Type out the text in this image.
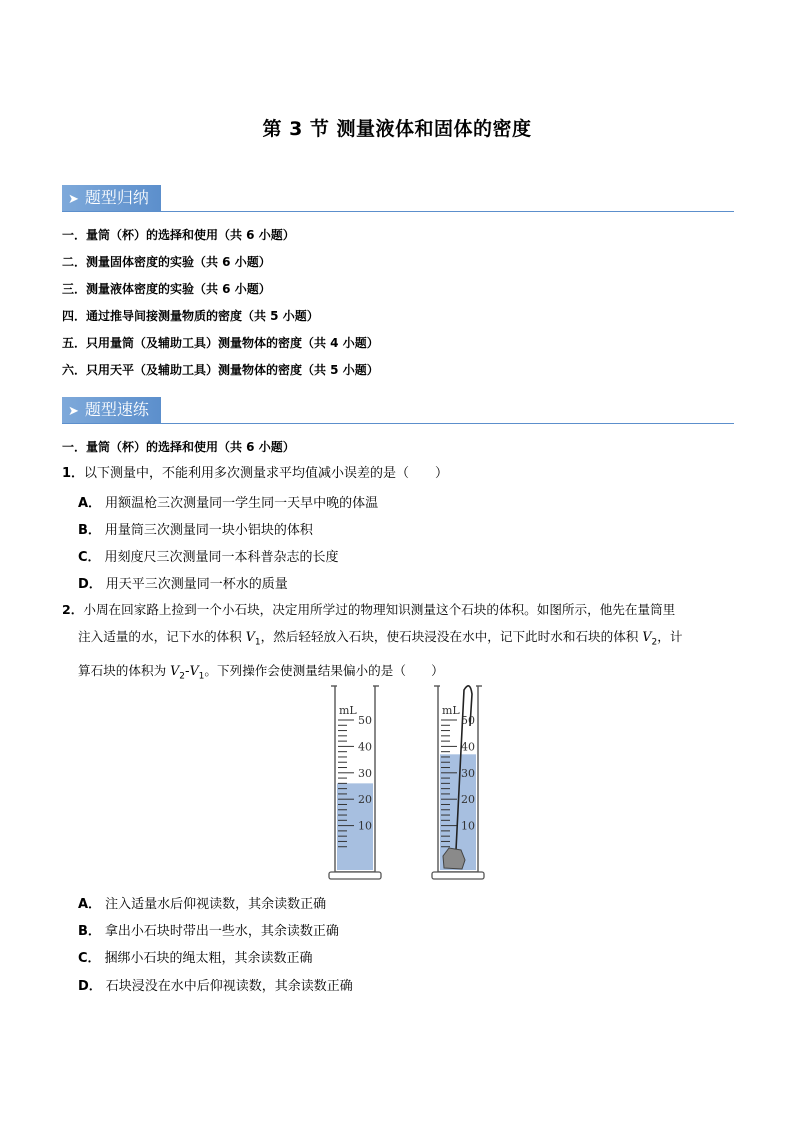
第 3 节 测量液体和固体的密度
➤ 题型归纳
一．量筒（杯）的选择和使用（共 6 小题）
二．测量固体密度的实验（共 6 小题）
三．测量液体密度的实验（共 6 小题）
四．通过推导间接测量物质的密度（共 5 小题）
五．只用量筒（及辅助工具）测量物体的密度（共 4 小题）
六．只用天平（及辅助工具）测量物体的密度（共 5 小题）
➤ 题型速练
一．量筒（杯）的选择和使用（共 6 小题）
1．以下测量中，不能利用多次测量求平均值减小误差的是（　　）
A． 用额温枪三次测量同一学生同一天早中晚的体温
B． 用量筒三次测量同一块小铝块的体积
C． 用刻度尺三次测量同一本科普杂志的长度
D． 用天平三次测量同一杯水的质量
2．小周在回家路上捡到一个小石块，决定用所学过的物理知识测量这个石块的体积。如图所示，他先在量筒里
注入适量的水，记下水的体积 $V_1$，然后轻轻放入石块，使石块浸没在水中，记下此时水和石块的体积 $V_2$，计
算石块的体积为 $V_2-V_1$。下列操作会使测量结果偏小的是（　　）
mL
50
40
30
20
10
mL
50
40
30
20
10
A． 注入适量水后仰视读数，其余读数正确
B． 拿出小石块时带出一些水，其余读数正确
C． 捆绑小石块的绳太粗，其余读数正确
D． 石块浸没在水中后仰视读数，其余读数正确
